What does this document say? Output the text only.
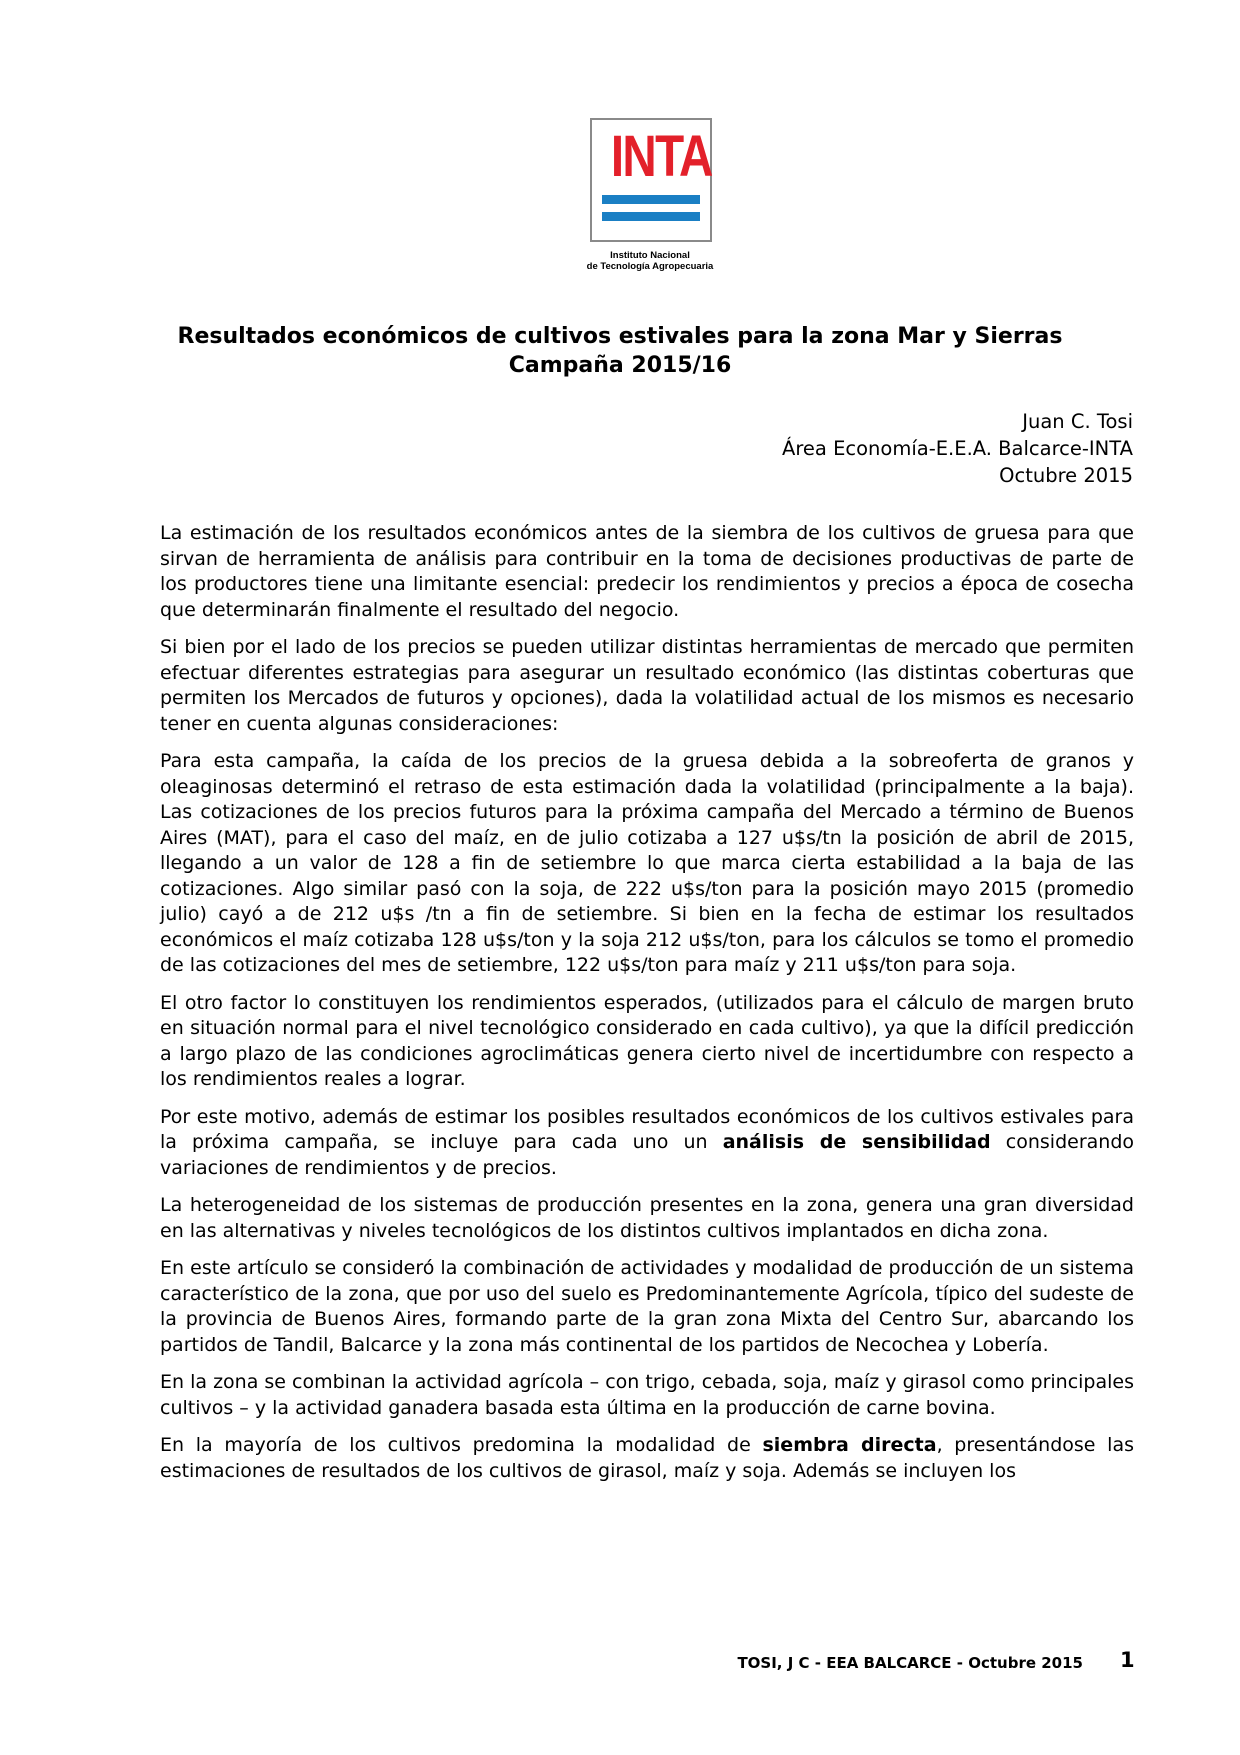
INTA
Instituto Nacional
de Tecnología Agropecuaria
Resultados económicos de cultivos estivales para la zona Mar y Sierras
Campaña 2015/16
Juan C. Tosi
Área Economía-E.E.A. Balcarce-INTA
Octubre 2015

La estimación de los resultados económicos antes de la siembra de los cultivos de gruesa para que sirvan de herramienta de análisis para contribuir en la toma de decisiones productivas de parte de los productores tiene una limitante esencial: predecir los rendimientos y precios a época de cosecha que determinarán finalmente el resultado del negocio.

Si bien por el lado de los precios se pueden utilizar distintas herramientas de mercado que permiten efectuar diferentes estrategias para asegurar un resultado económico (las distintas coberturas que permiten los Mercados de futuros y opciones), dada la volatilidad actual de los mismos es necesario tener en cuenta algunas consideraciones:

Para esta campaña, la caída de los precios de la gruesa debida a la sobreoferta de granos y oleaginosas determinó el retraso de esta estimación dada la volatilidad (principalmente a la baja). Las cotizaciones de los precios futuros para la próxima campaña del Mercado a término de Buenos Aires (MAT), para el caso del maíz, en de julio cotizaba a 127 u$s/tn la posición de abril de 2015, llegando a un valor de 128 a fin de setiembre lo que marca cierta estabilidad a la baja de las cotizaciones. Algo similar pasó con la soja, de 222 u$s/ton para la posición mayo 2015 (promedio julio) cayó a de 212 u$s /tn a fin de setiembre. Si bien en la fecha de estimar los resultados económicos el maíz cotizaba 128 u$s/ton y la soja 212 u$s/ton, para los cálculos se tomo el promedio de las cotizaciones del mes de setiembre, 122 u$s/ton para maíz y 211 u$s/ton para soja.

El otro factor lo constituyen los rendimientos esperados, (utilizados para el cálculo de margen bruto en situación normal para el nivel tecnológico considerado en cada cultivo), ya que la difícil predicción a largo plazo de las condiciones agroclimáticas genera cierto nivel de incertidumbre con respecto a los rendimientos reales a lograr.

Por este motivo, además de estimar los posibles resultados económicos de los cultivos estivales para la próxima campaña, se incluye para cada uno un análisis de sensibilidad considerando variaciones de rendimientos y de precios.

La heterogeneidad de los sistemas de producción presentes en la zona, genera una gran diversidad en las alternativas y niveles tecnológicos de los distintos cultivos implantados en dicha zona.

En este artículo se consideró la combinación de actividades y modalidad de producción de un sistema característico de la zona, que por uso del suelo es Predominantemente Agrícola, típico del sudeste de la provincia de Buenos Aires, formando parte de la gran zona Mixta del Centro Sur, abarcando los partidos de Tandil, Balcarce y la zona más continental de los partidos de Necochea y Lobería.

En la zona se combinan la actividad agrícola – con trigo, cebada, soja, maíz y girasol como principales cultivos – y la actividad ganadera basada esta última en la producción de carne bovina.

En la mayoría de los cultivos predomina la modalidad de siembra directa, presentándose las estimaciones de resultados de los cultivos de girasol, maíz y soja. Además se incluyen los

TOSI, J C - EEA BALCARCE - Octubre 2015 1
